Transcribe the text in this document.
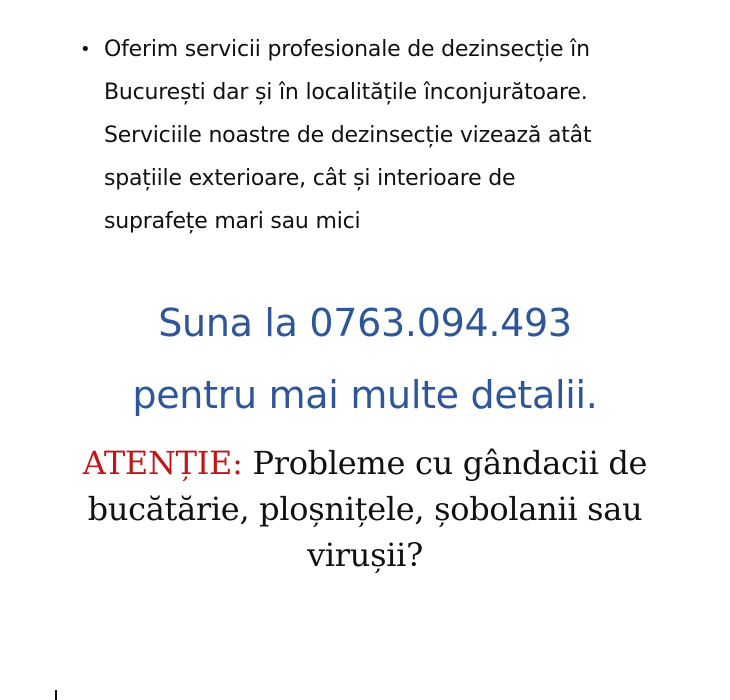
• Oferim servicii profesionale de dezinsecție în
București dar și în localitățile înconjurătoare.
Serviciile noastre de dezinsecție vizează atât
spațiile exterioare, cât și interioare de
suprafețe mari sau mici
Suna la 0763.094.493
pentru mai multe detalii.
ATENȚIE: Probleme cu gândacii de
bucătărie, ploșnițele, șobolanii sau
virușii?
